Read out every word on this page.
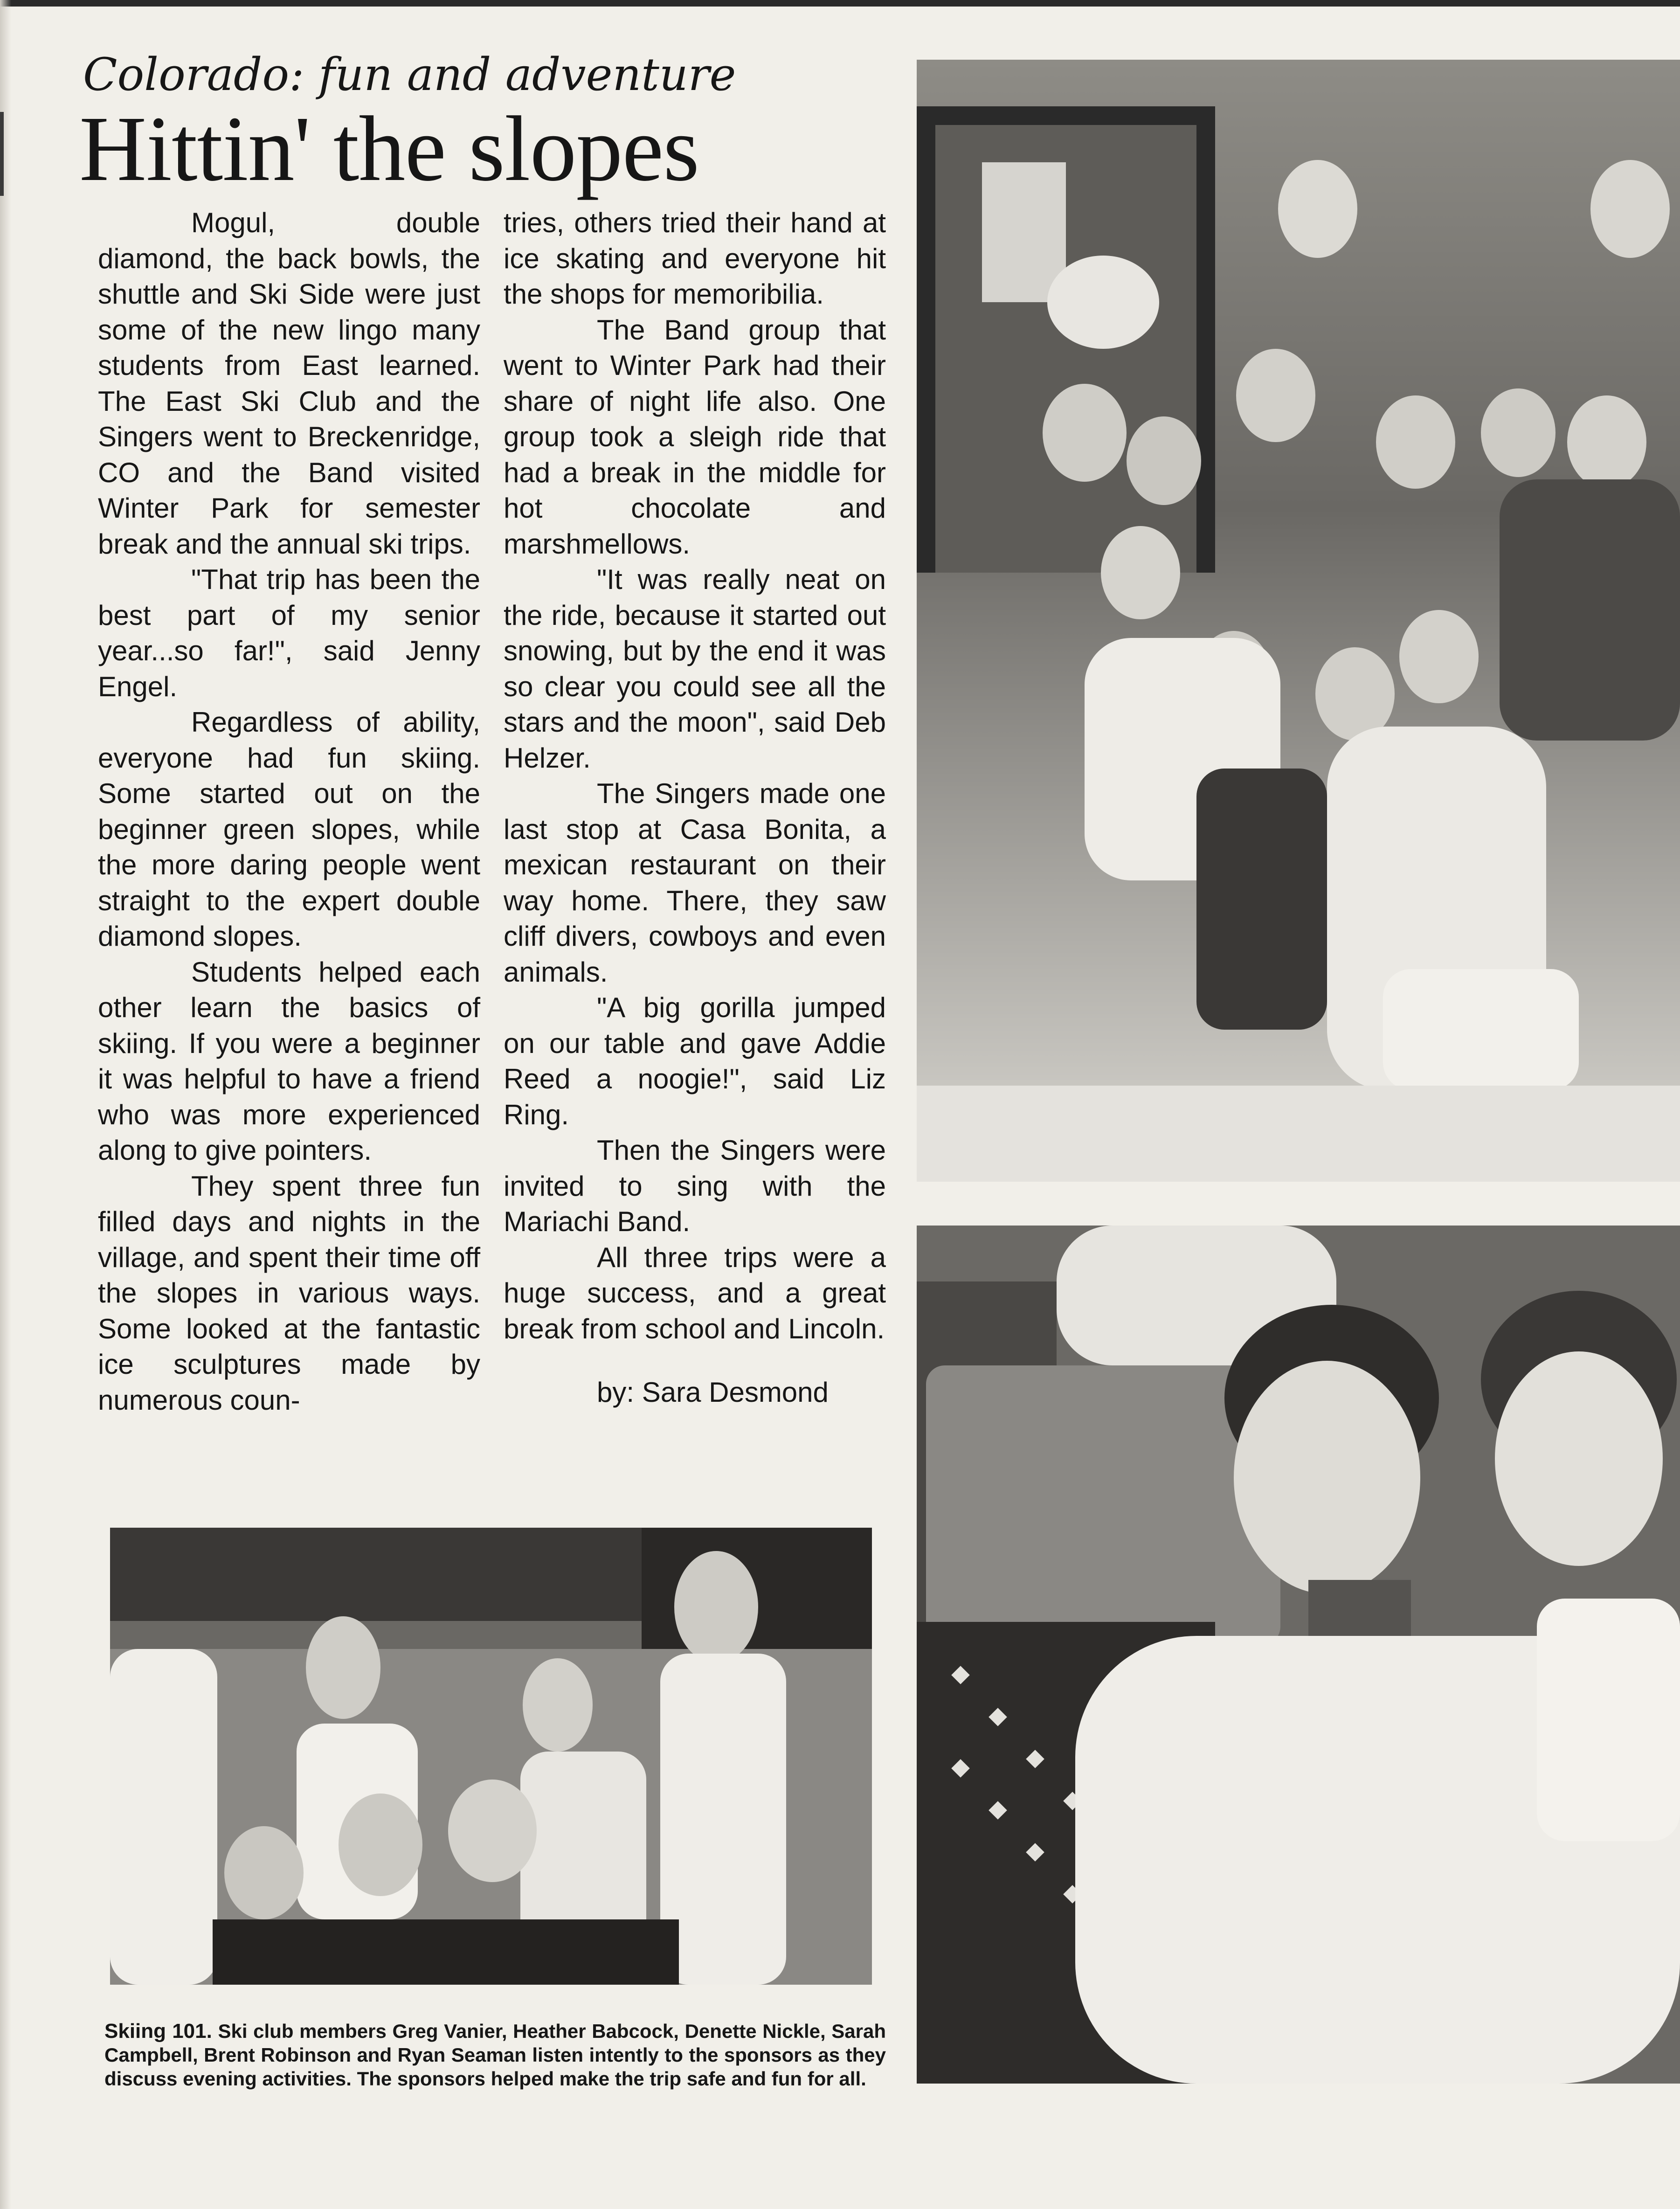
Colorado: fun and adventure
Hittin' the slopes

Mogul, double diamond, the back bowls, the shuttle and Ski Side were just some of the new lingo many students from East learned. The East Ski Club and the Singers went to Breckenridge, CO and the Band visited Winter Park for semester break and the annual ski trips.

"That trip has been the best part of my senior year...so far!", said Jenny Engel.

Regardless of ability, everyone had fun skiing. Some started out on the beginner green slopes, while the more daring people went straight to the expert double diamond slopes.

Students helped each other learn the basics of skiing. If you were a beginner it was helpful to have a friend who was more experienced along to give pointers.

They spent three fun filled days and nights in the village, and spent their time off the slopes in various ways. Some looked at the fantastic ice sculptures made by numerous coun-

tries, others tried their hand at ice skating and everyone hit the shops for memoribilia.

The Band group that went to Winter Park had their share of night life also. One group took a sleigh ride that had a break in the middle for hot chocolate and marshmellows.

"It was really neat on the ride, because it started out snowing, but by the end it was so clear you could see all the stars and the moon", said Deb Helzer.

The Singers made one last stop at Casa Bonita, a mexican restaurant on their way home. There, they saw cliff divers, cowboys and even animals.

"A big gorilla jumped on our table and gave Addie Reed a noogie!", said Liz Ring.

Then the Singers were invited to sing with the Mariachi Band.

All three trips were a huge success, and a great break from school and Lincoln.

by: Sara Desmond

Skiing 101. Ski club members Greg Vanier, Heather Babcock, Denette Nickle, Sarah Campbell, Brent Robinson and Ryan Seaman listen intently to the sponsors as they discuss evening activities. The sponsors helped make the trip safe and fun for all.
